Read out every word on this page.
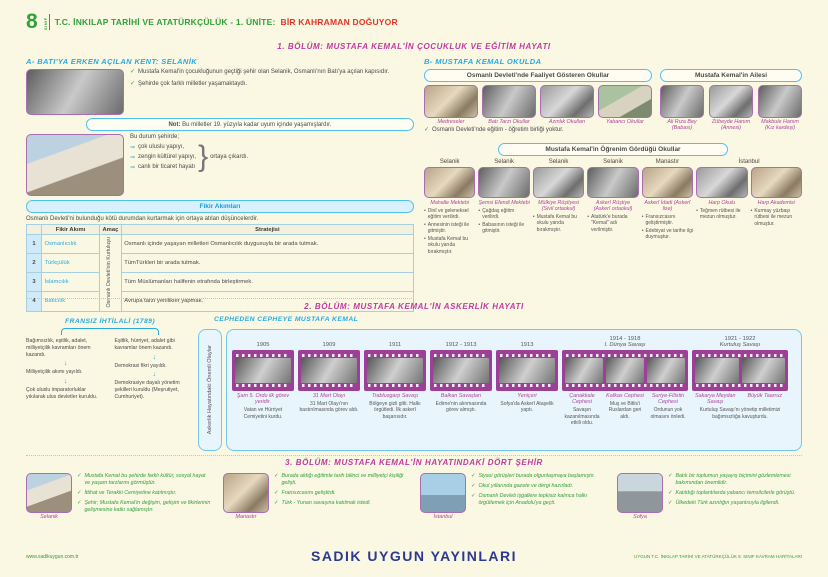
8 SINIF T.C. İNKILAP TARİHİ VE ATATÜRKÇÜLÜK - 1. ÜNİTE: BİR KAHRAMAN DOĞUYOR
1. BÖLÜM: MUSTAFA KEMAL'İN ÇOCUKLUK VE EĞİTİM HAYATI
A- BATI'YA ERKEN AÇILAN KENT: SELANİK
✓ Mustafa Kemal'in çocukluğunun geçtiği şehir olan Selanik, Osmanlı'nın Batı'ya açılan kapısıdır.
✓ Şehirde çok farklı milletler yaşamaktaydı.
Not: Bu milletler 19. yüzyıla kadar uyum içinde yaşamışlardır.
Bu durum şehirde;
⇒ çok uluslu yapıyı,
⇒ zengin kültürel yapıyı,
⇒ canlı bir ticaret hayatı } ortaya çıkardı.
Fikir Akımları
Osmanlı Devleti'ni bulunduğu kötü durumdan kurtarmak için ortaya atılan düşüncelerdir.
	Fikir Akımı	Amaç	Stratejisi
1	Osmanlıcılık	Osmanlı Devleti'nin Kurtuluşu	Osmanlı içinde yaşayan milletleri Osmanlıcılık duygusuyla bir arada tutmak.
2	Türkçülük		TümTürkleri bir arada tutmak.
3	İslamcılık		Tüm Müslümanları halifenin etrafında birleştirmek.
4	Batıcılık		Avrupa tarzı yenilikler yapmak.
B- MUSTAFA KEMAL OKULDA
Osmanlı Devleti'nde Faaliyet Gösteren Okullar
Medreseler	Batı Tarzı Okullar	Azınlık Okulları	Yabancı Okullar
✓ Osmanlı Devleti'nde eğitim - öğretim birliği yoktur.
Mustafa Kemal'in Ailesi
Ali Rıza Bey
(Babası)
Zübeyde Hanım
(Annesi)
Makbule Hanım
(Kız kardeşi)
Mustafa Kemal'in Öğrenim Gördüğü Okullar
Selanik	Selanik	Selanik	Selanik	Manastır	İstanbul
Mahalle Mektebi
• Dinî ve geleneksel eğitim verilirdi.
• Annesinin isteği ile gitmiştir.
• Mustafa Kemal bu okulu yarıda bırakmıştır.
Şemsi Efendi Mektebi
• Çağdaş eğitim verilirdi.
• Babasının isteği ile gitmiştir.
Mülkiye Rüştiyesi (Sivil ortaokul)
• Mustafa Kemal bu okulu yarıda bırakmıştır.
Askerî Rüştiye (Askerî ortaokul)
• Atatürk'e burada "Kemal" adı verilmiştir.
Askerî İdadi (Askerî lise)
• Fransızcasını geliştirmiştir.
• Edebiyat ve tarihe ilgi duymuştur.
Harp Okulu
• Teğmen rütbesi ile mezun olmuştur.
Harp Akademisi
• Kurmay yüzbaşı rütbesi ile mezun olmuştur.
2. BÖLÜM: MUSTAFA KEMAL'İN ASKERLİK HAYATI
FRANSIZ İHTİLALİ (1789)
Bağımsızlık, eşitlik, adalet, milliyetçilik kavramları önem kazandı.
↓
Milliyetçilik akımı yayıldı.
↓
Çok uluslu imparatorluklar yıkılarak ulus devletler kuruldu.
Eşitlik, hürriyet, adalet gibi kavramlar önem kazandı.
↓
Demokrasi fikri yayıldı.
↓
Demokrasiye dayalı yönetim şekilleri kuruldu (Meşrutiyet, Cumhuriyet).
CEPHEDEN CEPHEYE MUSTAFA KEMAL
Askerlik Hayatındaki Önemli Olaylar
1905
Şam 5. Ordu ilk görev yeridir.
Vatan ve Hürriyet Cemiyetini kurdu.
1909
31 Mart Olayı
31 Mart Olayı'nın bastırılmasında görev aldı.
1911
Trablusgarp Savaşı
Bölgeye gizli gitti. Halkı örgütledi. İlk askerî başarısıdır.
1912 - 1913
Balkan Savaşları
Edirne'nin alınmasında görev almıştı.
1913
Yeniçeri
Sofya'da Askerî Ataşelik yaptı.
1914 - 1918
I. Dünya Savaşı
Çanakkale Cephesi
Savaşın kazanılmasında etkili oldu.
Kafkas Cephesi
Muş ve Bitlis'i Ruslardan geri aldı.
Suriye-Filistin Cephesi
Ordunun yok olmasını önledi.
1921 - 1922
Kurtuluş Savaşı
Sakarya Meydan Savaşı
Büyük Taarruz
Kurtuluş Savaşı'nı yönetip milletimizi bağımsızlığa kavuşturdu.
3. BÖLÜM: MUSTAFA KEMAL'İN HAYATINDAKİ DÖRT ŞEHİR
Selanik
✓ Mustafa Kemal bu şehirde farklı kültür, sosyal hayat ve yaşam tarzlarını görmüştür.
✓ İttihat ve Terakki Cemiyetine katılmıştır.
✓ Şehir; Mustafa Kemal'in değişim, gelişim ve fikirlerinin gelişmesine katkı sağlamıştır.
Manastır
✓ Burada aldığı eğitimle tarih bilinci ve milliyetçi kişiliği gelişti.
✓ Fransızcasını geliştirdi.
✓ Türk - Yunan savaşına katılmak istedi.
İstanbul
✓ Siyasi görüşleri burada olgunlaşmaya başlamıştır.
✓ Okul yıllarında gazete ve dergi hazırladı.
✓ Osmanlı Devleti işgallere tepkisiz kalınca halkı örgütlemek için Anadolu'ya geçti.
Sofya
✓ Batılı bir toplumun yaşayış biçimini gözlemlemesi bakımından önemlidir.
✓ Katıldığı toplantılarda yabancı temsilcilerle görüştü.
✓ Ülkedeki Türk azınlığın yaşantısıyla ilgilendi.
www.sadikuygun.com.tr	SADIK UYGUN YAYINLARI	UYGUN T.C. İNKILAP TARİHİ VE ATATÜRKÇÜLÜK 8. SINIF KAVRAM HARİTALARI
